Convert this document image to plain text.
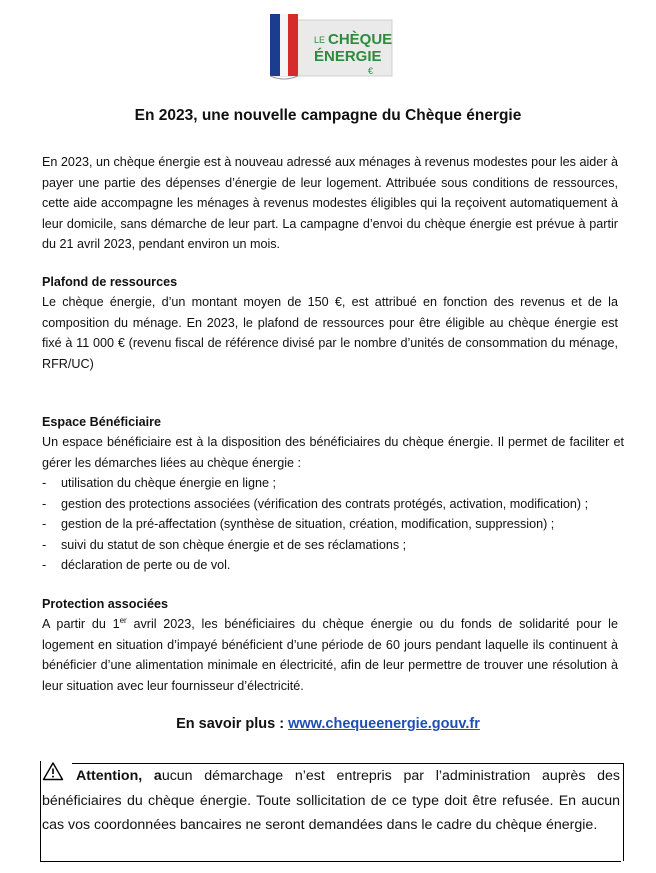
LE CHÈQUE
ÉNERGIE
€
En 2023, une nouvelle campagne du Chèque énergie
En 2023, un chèque énergie est à nouveau adressé aux ménages à revenus modestes pour les aider à payer une partie des dépenses d’énergie de leur logement. Attribuée sous conditions de ressources, cette aide accompagne les ménages à revenus modestes éligibles qui la reçoivent automatiquement à leur domicile, sans démarche de leur part. La campagne d’envoi du chèque énergie est prévue à partir du 21 avril 2023, pendant environ un mois.
Plafond de ressources
Le chèque énergie, d’un montant moyen de 150 €, est attribué en fonction des revenus et de la composition du ménage. En 2023, le plafond de ressources pour être éligible au chèque énergie est fixé à 11 000 € (revenu fiscal de référence divisé par le nombre d’unités de consommation du ménage, RFR/UC)
Espace Bénéficiaire
Un espace bénéficiaire est à la disposition des bénéficiaires du chèque énergie. Il permet de faciliter et gérer les démarches liées au chèque énergie :
- utilisation du chèque énergie en ligne ;
- gestion des protections associées (vérification des contrats protégés, activation, modification) ;
- gestion de la pré-affectation (synthèse de situation, création, modification, suppression) ;
- suivi du statut de son chèque énergie et de ses réclamations ;
- déclaration de perte ou de vol.
Protection associées
A partir du 1er avril 2023, les bénéficiaires du chèque énergie ou du fonds de solidarité pour le logement en situation d’impayé bénéficient d’une période de 60 jours pendant laquelle ils continuent à bénéficier d’une alimentation minimale en électricité, afin de leur permettre de trouver une résolution à leur situation avec leur fournisseur d’électricité.
En savoir plus : www.chequeenergie.gouv.fr
Attention, aucun démarchage n’est entrepris par l’administration auprès des bénéficiaires du chèque énergie. Toute sollicitation de ce type doit être refusée. En aucun cas vos coordonnées bancaires ne seront demandées dans le cadre du chèque énergie.
